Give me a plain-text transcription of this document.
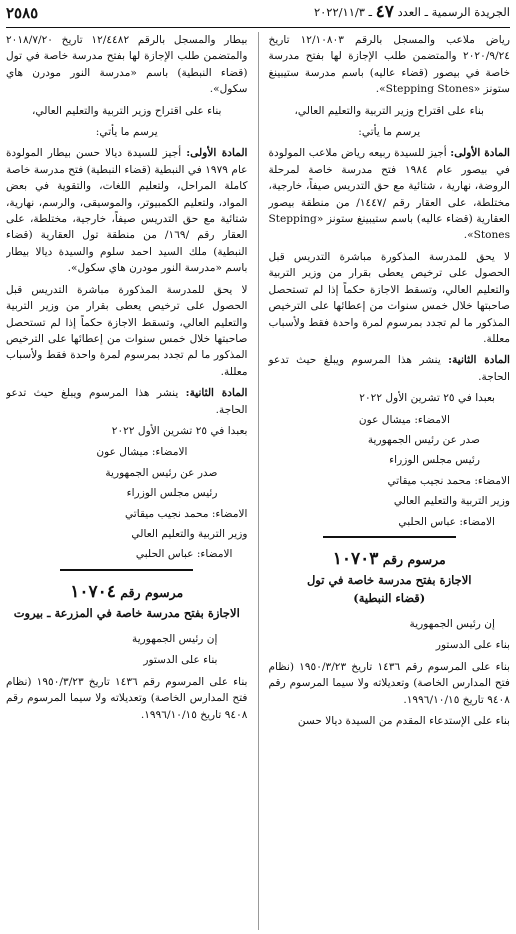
الجريدة الرسمية ـ العدد ٤٧ ـ ٢٠٢٢/١١/٣
٢٥٨٥

رياض ملاعب والمسجل بالرقم ١٢/١٠٨٠٣ تاريخ ٢٠٢٠/٩/٢٤ والمتضمن طلب الإجازة لها بفتح مدرسة خاصة في بيصور (قضاء عاليه) باسم مدرسة ستيبينغ ستونز «Stepping Stones».

بناء على اقتراح وزير التربية والتعليم العالي،

يرسم ما يأتي:

المادة الأولى: أجيز للسيدة ربيعه رياض ملاعب المولودة في بيصور عام ١٩٨٤ فتح مدرسة خاصة لمرحلة الروضة، نهارية ، شتائية مع حق التدريس صيفاً، خارجية، مختلطة، على العقار رقم /١٤٤٧/ من منطقة بيصور العقارية (قضاء عاليه) باسم ستيبينغ ستونز «Stepping Stones».

لا يحق للمدرسة المذكورة مباشرة التدريس قبل الحصول على ترخيص يعطى بقرار من وزير التربية والتعليم العالي، وتسقط الاجازة حكماً إذا لم تستحصل صاحبتها خلال خمس سنوات من إعطائها على الترخيص المذكور ما لم تجدد بمرسوم لمرة واحدة فقط ولأسباب معللة.

المادة الثانية: ينشر هذا المرسوم ويبلغ حيث تدعو الحاجة.

بعبدا في ٢٥ تشرين الأول ٢٠٢٢

الامضاء: ميشال عون

صدر عن رئيس الجمهورية

رئيس مجلس الوزراء

الامضاء: محمد نجيب ميقاتي

وزير التربية والتعليم العالي

الامضاء: عباس الحلبي

مرسوم رقم ١٠٧٠٣
الاجازة بفتح مدرسة خاصة في تول
(قضاء النبطية)

إن رئيس الجمهورية

بناء على الدستور

بناء على المرسوم رقم ١٤٣٦ تاريخ ١٩٥٠/٣/٢٣ (نظام فتح المدارس الخاصة) وتعديلاته ولا سيما المرسوم رقم ٩٤٠٨ تاريخ ١٩٩٦/١٠/١٥.

بناء على الإستدعاء المقدم من السيدة ديالا حسن

بيطار والمسجل بالرقم ١٢/٤٤٨٢ تاريخ ٢٠١٨/٧/٢٠ والمتضمن طلب الإجازة لها بفتح مدرسة خاصة في تول (قضاء النبطية) باسم «مدرسة النور مودرن هاي سكول».

بناء على اقتراح وزير التربية والتعليم العالي،

يرسم ما يأتي:

المادة الأولى: أجيز للسيدة ديالا حسن بيطار المولودة عام ١٩٧٩ في النبطية (قضاء النبطية) فتح مدرسة خاصة كاملة المراحل، ولتعليم اللغات، والتقوية في بعض المواد، ولتعليم الكمبيوتر، والموسيقى، والرسم، نهارية، شتائية مع حق التدريس صيفاً، خارجية، مختلطة، على العقار رقم /١٦٩/ من منطقة تول العقارية (قضاء النبطية) ملك السيد احمد سلوم والسيدة ديالا بيطار باسم «مدرسة النور مودرن هاي سكول».

لا يحق للمدرسة المذكورة مباشرة التدريس قبل الحصول على ترخيص يعطى بقرار من وزير التربية والتعليم العالي، وتسقط الاجازة حكماً إذا لم تستحصل صاحبتها خلال خمس سنوات من إعطائها على الترخيص المذكور ما لم تجدد بمرسوم لمرة واحدة فقط ولأسباب معللة.

المادة الثانية: ينشر هذا المرسوم ويبلغ حيث تدعو الحاجة.

بعبدا في ٢٥ تشرين الأول ٢٠٢٢

الامضاء: ميشال عون

صدر عن رئيس الجمهورية

رئيس مجلس الوزراء

الامضاء: محمد نجيب ميقاتي

وزير التربية والتعليم العالي

الامضاء: عباس الحلبي

مرسوم رقم ١٠٧٠٤
الاجازة بفتح مدرسة خاصة في المزرعة ـ بيروت

إن رئيس الجمهورية

بناء على الدستور

بناء على المرسوم رقم ١٤٣٦ تاريخ ١٩٥٠/٣/٢٣ (نظام فتح المدارس الخاصة) وتعديلاته ولا سيما المرسوم رقم ٩٤٠٨ تاريخ ١٩٩٦/١٠/١٥.
